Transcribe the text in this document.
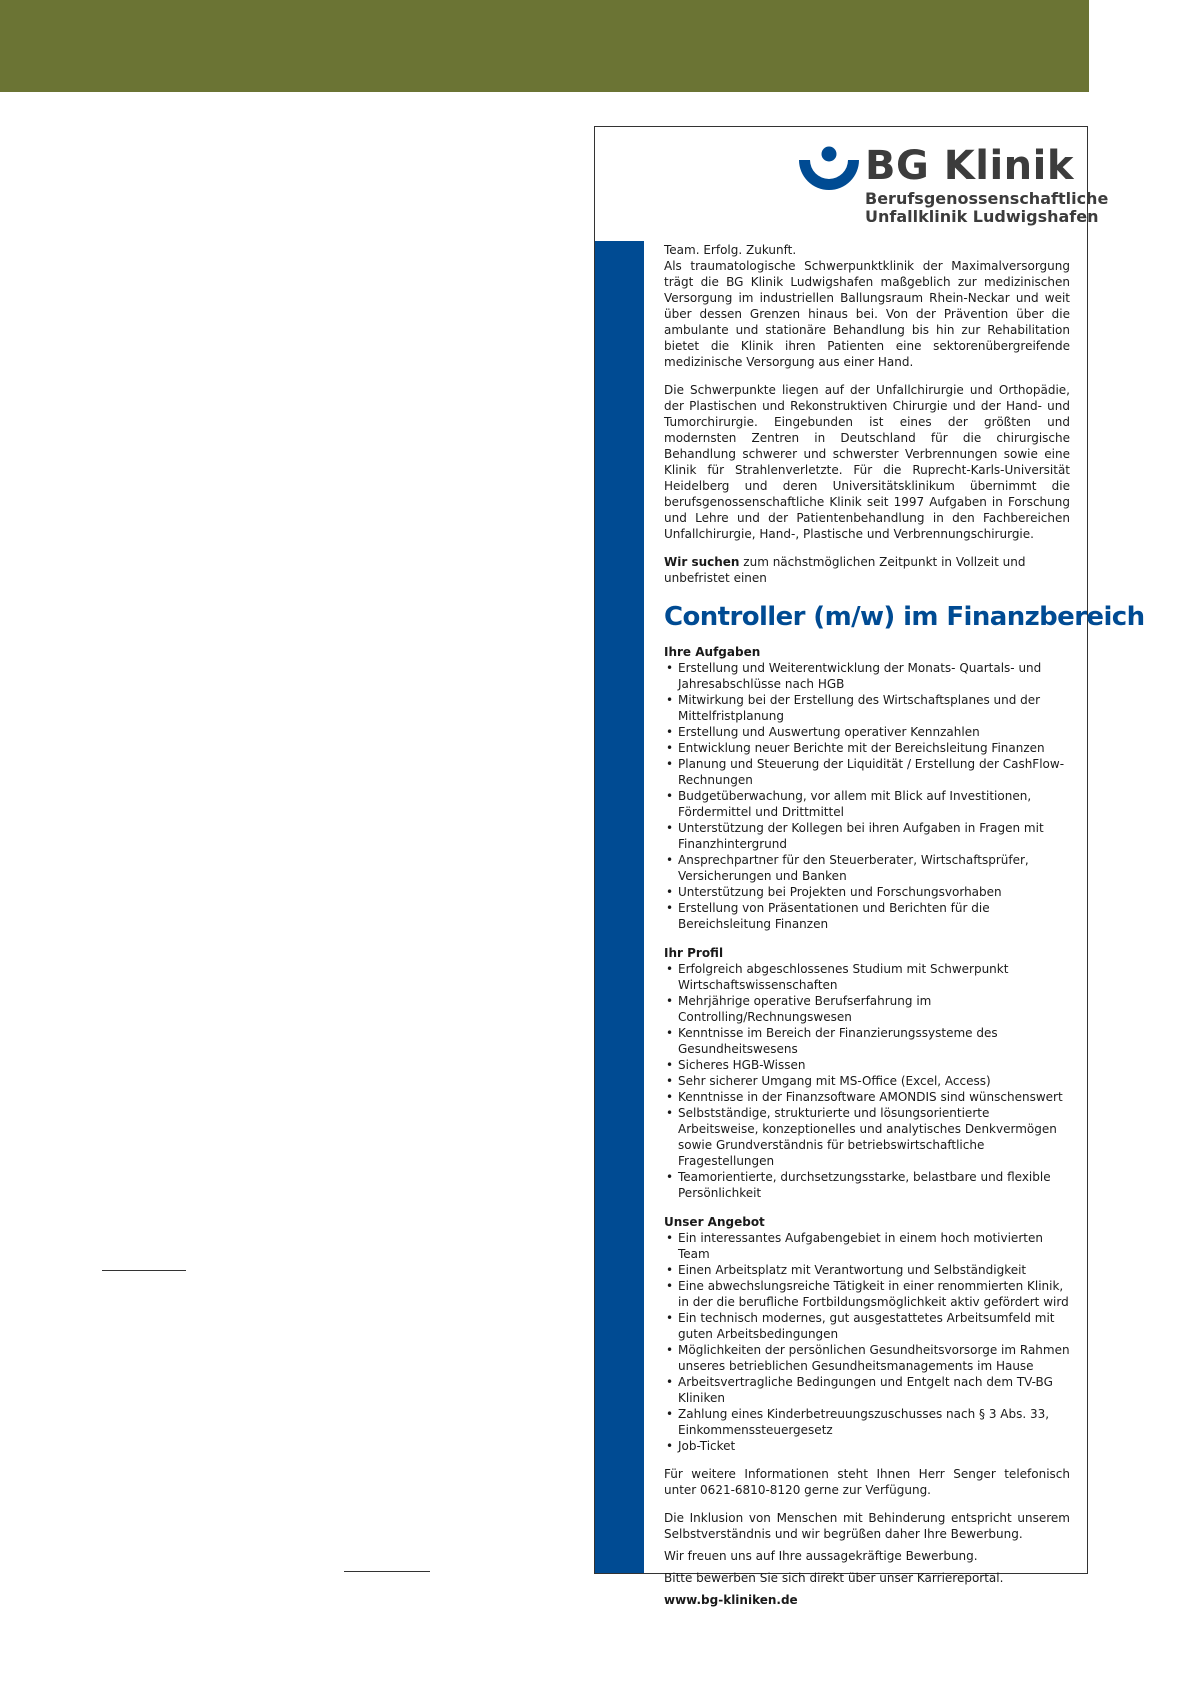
BG Klinik
Berufsgenossenschaftliche
Unfallklinik Ludwigshafen

Team. Erfolg. Zukunft.

Als traumatologische Schwerpunktklinik der Maximalversorgung trägt die BG Klinik Ludwigshafen maßgeblich zur medizinischen Versorgung im industriellen Ballungsraum Rhein-Neckar und weit über dessen Grenzen hinaus bei. Von der Prävention über die ambulante und stationäre Behandlung bis hin zur Rehabilitation bietet die Klinik ihren Patienten eine sektorenübergreifende medizinische Versorgung aus einer Hand.

Die Schwerpunkte liegen auf der Unfallchirurgie und Orthopädie, der Plastischen und Rekonstruktiven Chirurgie und der Hand- und Tumorchirurgie. Eingebunden ist eines der größten und modernsten Zentren in Deutschland für die chirurgische Behandlung schwerer und schwerster Verbrennungen sowie eine Klinik für Strahlenverletzte. Für die Ruprecht-Karls-Universität Heidelberg und deren Universitätsklinikum übernimmt die berufsgenossenschaftliche Klinik seit 1997 Aufgaben in Forschung und Lehre und der Patientenbehandlung in den Fachbereichen Unfallchirurgie, Hand-, Plastische und Verbrennungschirurgie.

Wir suchen zum nächstmöglichen Zeitpunkt in Vollzeit und unbefristet einen

Controller (m/w) im Finanzbereich
Ihre Aufgaben
• Erstellung und Weiterentwicklung der Monats- Quartals- und Jahresabschlüsse nach HGB
• Mitwirkung bei der Erstellung des Wirtschaftsplanes und der Mittelfristplanung
• Erstellung und Auswertung operativer Kennzahlen
• Entwicklung neuer Berichte mit der Bereichsleitung Finanzen
• Planung und Steuerung der Liquidität / Erstellung der CashFlow-Rechnungen
• Budgetüberwachung, vor allem mit Blick auf Investitionen, Fördermittel und Drittmittel
• Unterstützung der Kollegen bei ihren Aufgaben in Fragen mit Finanzhintergrund
• Ansprechpartner für den Steuerberater, Wirtschaftsprüfer, Versicherungen und Banken
• Unterstützung bei Projekten und Forschungsvorhaben
• Erstellung von Präsentationen und Berichten für die Bereichsleitung Finanzen
Ihr Profil
• Erfolgreich abgeschlossenes Studium mit Schwerpunkt Wirtschaftswissenschaften
• Mehrjährige operative Berufserfahrung im Controlling/Rechnungswesen
• Kenntnisse im Bereich der Finanzierungssysteme des Gesundheitswesens
• Sicheres HGB-Wissen
• Sehr sicherer Umgang mit MS-Office (Excel, Access)
• Kenntnisse in der Finanzsoftware AMONDIS sind wünschenswert
• Selbstständige, strukturierte und lösungsorientierte Arbeitsweise, konzeptionelles und analytisches Denkvermögen sowie Grundverständnis für betriebswirtschaftliche Fragestellungen
• Teamorientierte, durchsetzungsstarke, belastbare und flexible Persönlichkeit
Unser Angebot
• Ein interessantes Aufgabengebiet in einem hoch motivierten Team
• Einen Arbeitsplatz mit Verantwortung und Selbständigkeit
• Eine abwechslungsreiche Tätigkeit in einer renommierten Klinik, in der die berufliche Fortbildungsmöglichkeit aktiv gefördert wird
• Ein technisch modernes, gut ausgestattetes Arbeitsumfeld mit guten Arbeitsbedingungen
• Möglichkeiten der persönlichen Gesundheitsvorsorge im Rahmen unseres betrieblichen Gesundheitsmanagements im Hause
• Arbeitsvertragliche Bedingungen und Entgelt nach dem TV-BG Kliniken
• Zahlung eines Kinderbetreuungszuschusses nach § 3 Abs. 33, Einkommenssteuergesetz
• Job-Ticket

Für weitere Informationen steht Ihnen Herr Senger telefonisch unter 0621-6810-8120 gerne zur Verfügung.

Die Inklusion von Menschen mit Behinderung entspricht unserem Selbstverständnis und wir begrüßen daher Ihre Bewerbung.

Wir freuen uns auf Ihre aussagekräftige Bewerbung.

Bitte bewerben Sie sich direkt über unser Karriereportal.

www.bg-kliniken.de
